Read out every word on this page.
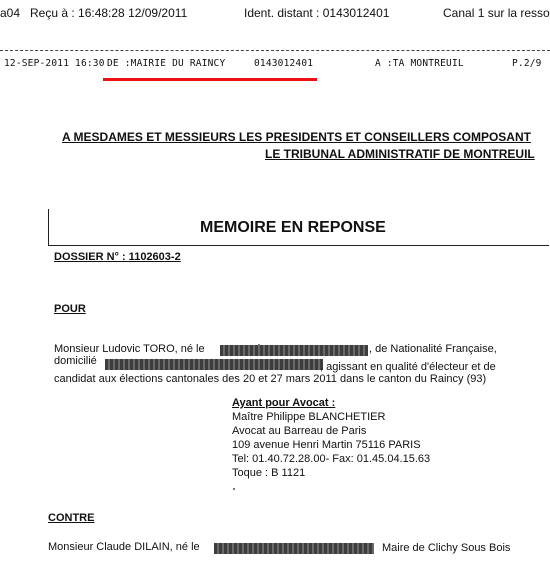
a04 Reçu à : 16:48:28 12/09/2011	Ident. distant : 0143012401	Canal 1 sur la resso
12-SEP-2011 16:30 DE :MAIRIE DU RAINCY	0143012401	A :TA MONTREUIL	P.2/9
A MESDAMES ET MESSIEURS LES PRESIDENTS ET CONSEILLERS COMPOSANT
LE TRIBUNAL ADMINISTRATIF DE MONTREUIL
MEMOIRE EN REPONSE
DOSSIER N° : 1102603-2
POUR
Monsieur Ludovic TORO, né le	, de Nationalité Française,
domicilié	, agissant en qualité d'électeur et de
candidat aux élections cantonales des 20 et 27 mars 2011 dans le canton du Raincy (93)
Ayant pour Avocat :
Maître Philippe BLANCHETIER
Avocat au Barreau de Paris
109 avenue Henri Martin 75116 PARIS
Tel: 01.40.72.28.00- Fax: 01.45.04.15.63
Toque : B 1121
CONTRE
Monsieur Claude DILAIN, né le	Maire de Clichy Sous Bois
